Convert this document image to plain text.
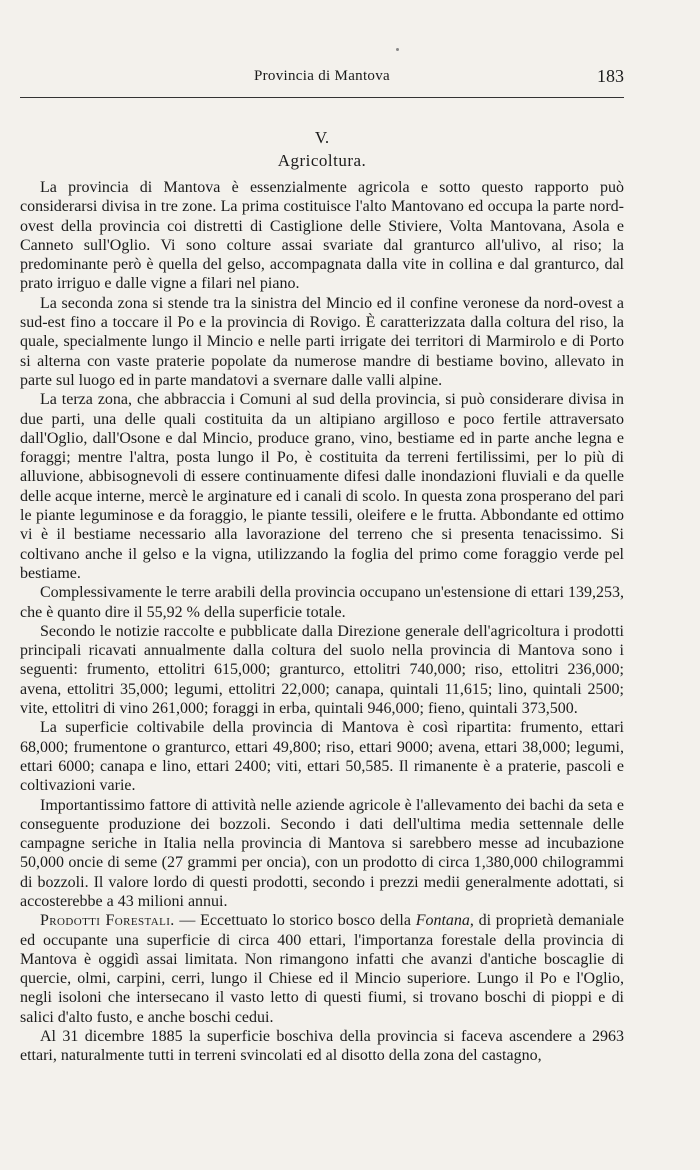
Provincia di Mantova	183
V.
Agricoltura.

La provincia di Mantova è essenzialmente agricola e sotto questo rapporto può considerarsi divisa in tre zone. La prima costituisce l'alto Mantovano ed occupa la parte nord-ovest della provincia coi distretti di Castiglione delle Stiviere, Volta Mantovana, Asola e Canneto sull'Oglio. Vi sono colture assai svariate dal granturco all'ulivo, al riso; la predominante però è quella del gelso, accompagnata dalla vite in collina e dal granturco, dal prato irriguo e dalle vigne a filari nel piano.

La seconda zona si stende tra la sinistra del Mincio ed il confine veronese da nord-ovest a sud-est fino a toccare il Po e la provincia di Rovigo. È caratterizzata dalla coltura del riso, la quale, specialmente lungo il Mincio e nelle parti irrigate dei territori di Marmirolo e di Porto si alterna con vaste praterie popolate da numerose mandre di bestiame bovino, allevato in parte sul luogo ed in parte mandatovi a svernare dalle valli alpine.

La terza zona, che abbraccia i Comuni al sud della provincia, si può considerare divisa in due parti, una delle quali costituita da un altipiano argilloso e poco fertile attraversato dall'Oglio, dall'Osone e dal Mincio, produce grano, vino, bestiame ed in parte anche legna e foraggi; mentre l'altra, posta lungo il Po, è costituita da terreni fertilissimi, per lo più di alluvione, abbisognevoli di essere continuamente difesi dalle inondazioni fluviali e da quelle delle acque interne, mercè le arginature ed i canali di scolo. In questa zona prosperano del pari le piante leguminose e da foraggio, le piante tessili, oleifere e le frutta. Abbondante ed ottimo vi è il bestiame necessario alla lavorazione del terreno che si presenta tenacissimo. Si coltivano anche il gelso e la vigna, utilizzando la foglia del primo come foraggio verde pel bestiame.

Complessivamente le terre arabili della provincia occupano un'estensione di ettari 139,253, che è quanto dire il 55,92 % della superficie totale.

Secondo le notizie raccolte e pubblicate dalla Direzione generale dell'agricoltura i prodotti principali ricavati annualmente dalla coltura del suolo nella provincia di Mantova sono i seguenti: frumento, ettolitri 615,000; granturco, ettolitri 740,000; riso, ettolitri 236,000; avena, ettolitri 35,000; legumi, ettolitri 22,000; canapa, quintali 11,615; lino, quintali 2500; vite, ettolitri di vino 261,000; foraggi in erba, quintali 946,000; fieno, quintali 373,500.

La superficie coltivabile della provincia di Mantova è così ripartita: frumento, ettari 68,000; frumentone o granturco, ettari 49,800; riso, ettari 9000; avena, ettari 38,000; legumi, ettari 6000; canapa e lino, ettari 2400; viti, ettari 50,585. Il rimanente è a praterie, pascoli e coltivazioni varie.

Importantissimo fattore di attività nelle aziende agricole è l'allevamento dei bachi da seta e conseguente produzione dei bozzoli. Secondo i dati dell'ultima media settennale delle campagne seriche in Italia nella provincia di Mantova si sarebbero messe ad incubazione 50,000 oncie di seme (27 grammi per oncia), con un prodotto di circa 1,380,000 chilogrammi di bozzoli. Il valore lordo di questi prodotti, secondo i prezzi medii generalmente adottati, si accosterebbe a 43 milioni annui.

Prodotti Forestali. — Eccettuato lo storico bosco della Fontana, di proprietà demaniale ed occupante una superficie di circa 400 ettari, l'importanza forestale della provincia di Mantova è oggidì assai limitata. Non rimangono infatti che avanzi d'antiche boscaglie di quercie, olmi, carpini, cerri, lungo il Chiese ed il Mincio superiore. Lungo il Po e l'Oglio, negli isoloni che intersecano il vasto letto di questi fiumi, si trovano boschi di pioppi e di salici d'alto fusto, e anche boschi cedui.

Al 31 dicembre 1885 la superficie boschiva della provincia si faceva ascendere a 2963 ettari, naturalmente tutti in terreni svincolati ed al disotto della zona del castagno,
